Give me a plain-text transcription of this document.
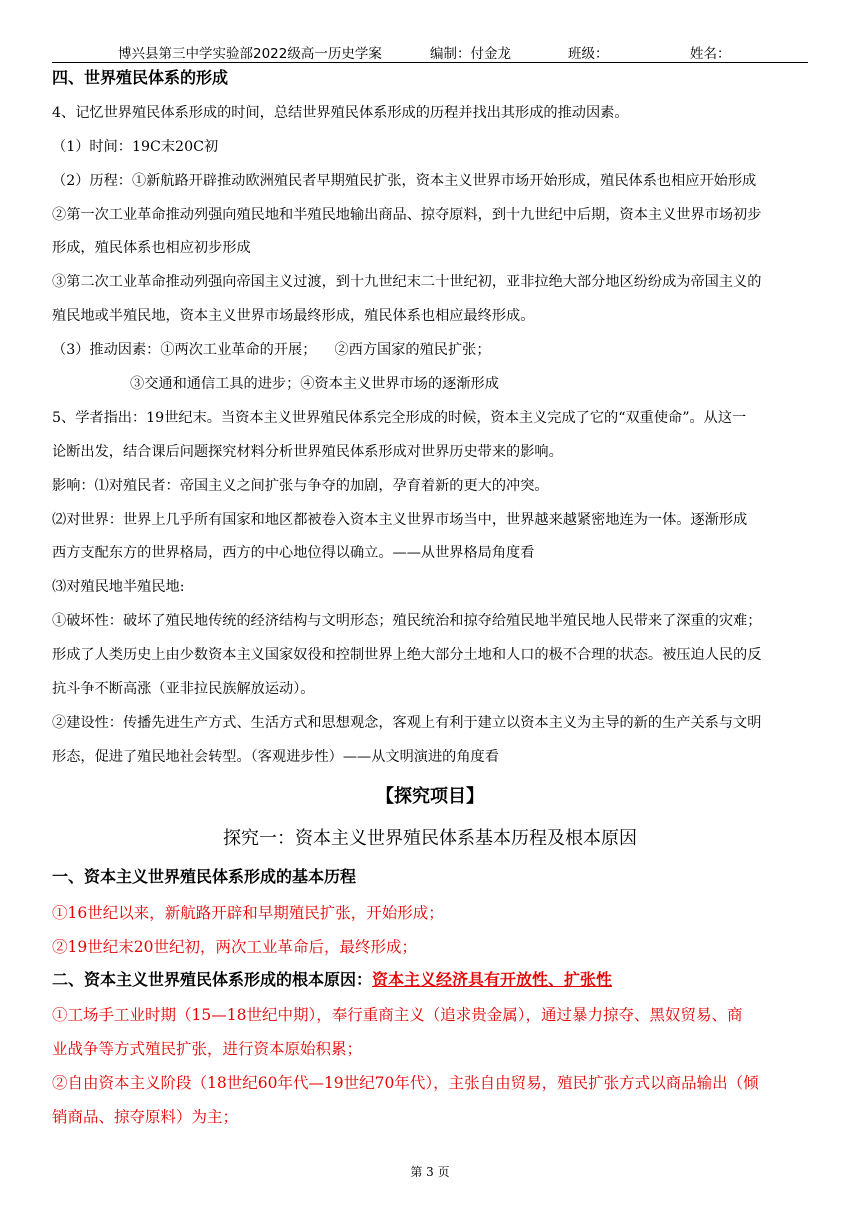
博兴县第三中学实验部2022级高一历史学案	编制：付金龙	班级：	姓名：
四、世界殖民体系的形成
4、记忆世界殖民体系形成的时间，总结世界殖民体系形成的历程并找出其形成的推动因素。
（1）时间：19C末20C初
（2）历程：①新航路开辟推动欧洲殖民者早期殖民扩张，资本主义世界市场开始形成，殖民体系也相应开始形成
②第一次工业革命推动列强向殖民地和半殖民地输出商品、掠夺原料，到十九世纪中后期，资本主义世界市场初步
形成，殖民体系也相应初步形成
③第二次工业革命推动列强向帝国主义过渡，到十九世纪末二十世纪初，亚非拉绝大部分地区纷纷成为帝国主义的
殖民地或半殖民地，资本主义世界市场最终形成，殖民体系也相应最终形成。
（3）推动因素：①两次工业革命的开展；    ②西方国家的殖民扩张；
③交通和通信工具的进步；④资本主义世界市场的逐渐形成
5、学者指出：19世纪末。当资本主义世界殖民体系完全形成的时候，资本主义完成了它的“双重使命”。从这一
论断出发，结合课后问题探究材料分析世界殖民体系形成对世界历史带来的影响。
影响：⑴对殖民者：帝国主义之间扩张与争夺的加剧，孕育着新的更大的冲突。
⑵对世界：世界上几乎所有国家和地区都被卷入资本主义世界市场当中，世界越来越紧密地连为一体。逐渐形成
西方支配东方的世界格局，西方的中心地位得以确立。——从世界格局角度看
⑶对殖民地半殖民地:
①破坏性：破坏了殖民地传统的经济结构与文明形态；殖民统治和掠夺给殖民地半殖民地人民带来了深重的灾难；
形成了人类历史上由少数资本主义国家奴役和控制世界上绝大部分土地和人口的极不合理的状态。被压迫人民的反
抗斗争不断高涨（亚非拉民族解放运动）。
②建设性：传播先进生产方式、生活方式和思想观念，客观上有利于建立以资本主义为主导的新的生产关系与文明
形态，促进了殖民地社会转型。（客观进步性）——从文明演进的角度看
【探究项目】
探究一：资本主义世界殖民体系基本历程及根本原因
一、资本主义世界殖民体系形成的基本历程
①16世纪以来，新航路开辟和早期殖民扩张，开始形成；
②19世纪末20世纪初，两次工业革命后，最终形成；
二、资本主义世界殖民体系形成的根本原因：资本主义经济具有开放性、扩张性
①工场手工业时期（15—18世纪中期），奉行重商主义（追求贵金属），通过暴力掠夺、黑奴贸易、商
业战争等方式殖民扩张，进行资本原始积累；
②自由资本主义阶段（18世纪60年代—19世纪70年代），主张自由贸易，殖民扩张方式以商品输出（倾
销商品、掠夺原料）为主；
第 3 页
